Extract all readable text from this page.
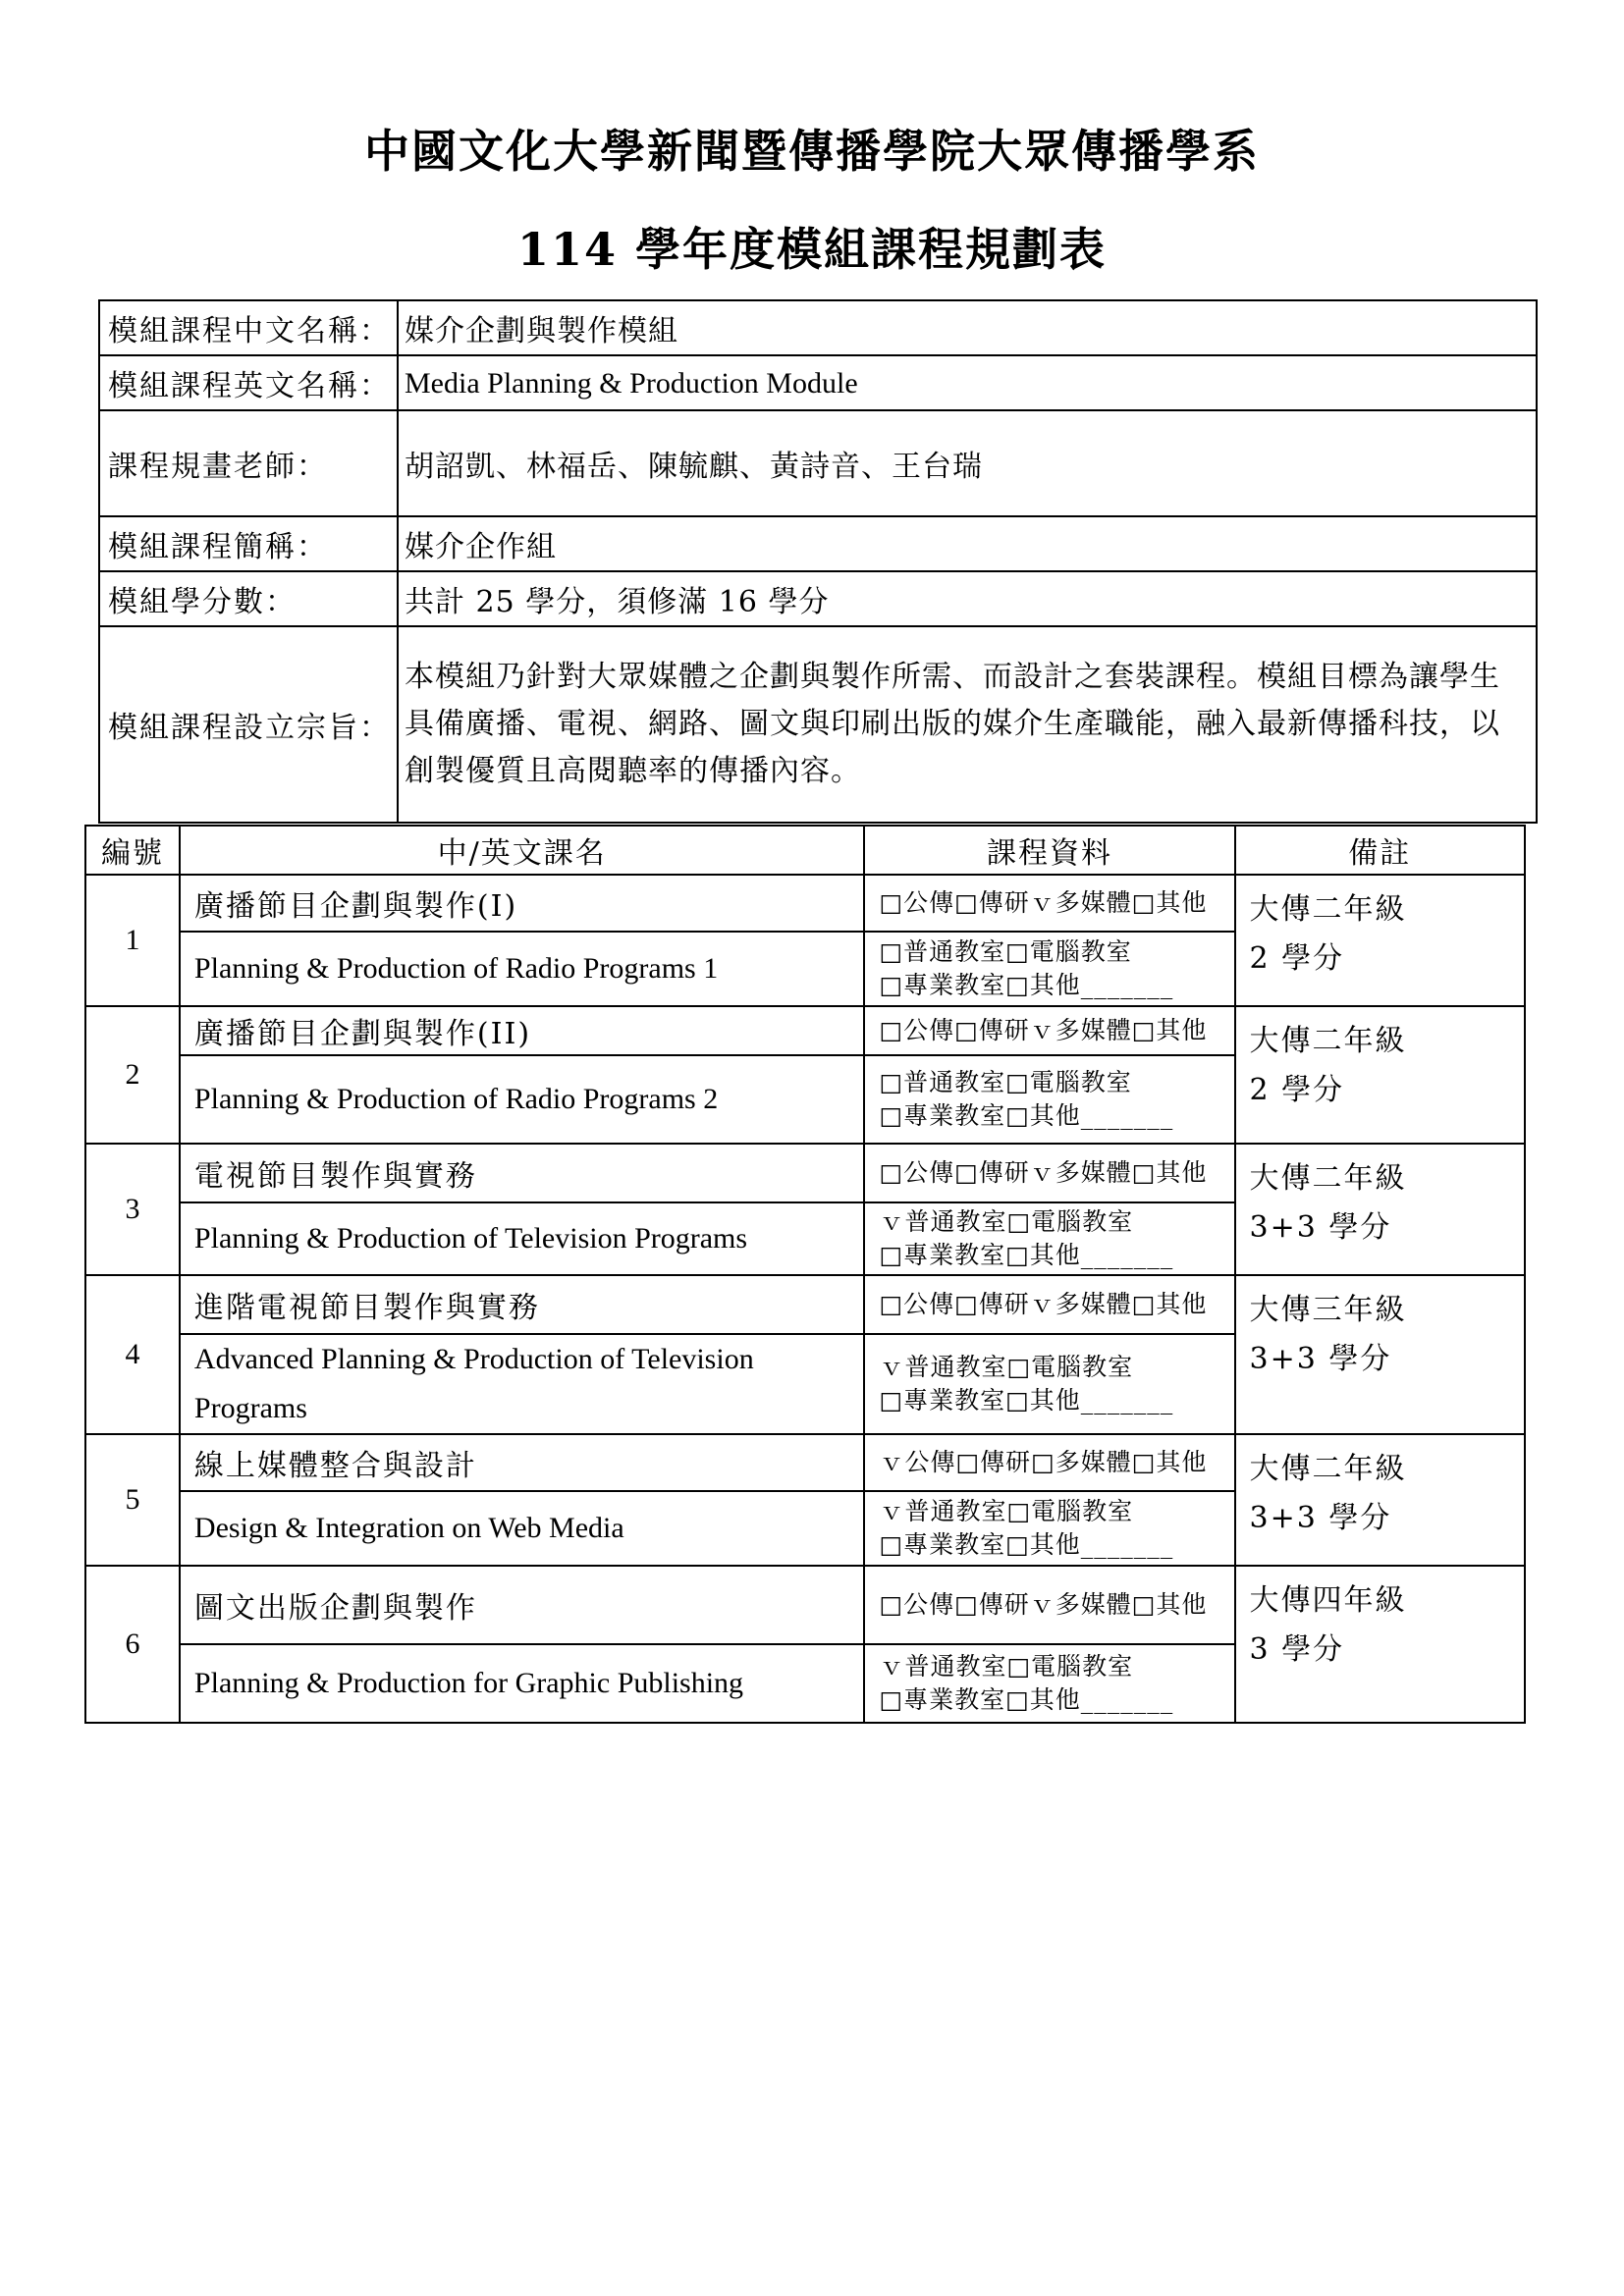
中國文化大學新聞暨傳播學院大眾傳播學系
114 學年度模組課程規劃表
模組課程中文名稱：	媒介企劃與製作模組
模組課程英文名稱：	Media Planning & Production Module
課程規畫老師：	胡詔凱、林福岳、陳毓麒、黃詩音、王台瑞
模組課程簡稱：	媒介企作組
模組學分數：	共計 25 學分，須修滿 16 學分
模組課程設立宗旨：	本模組乃針對大眾媒體之企劃與製作所需、而設計之套裝課程。模組目標為讓學生具備廣播、電視、網路、圖文與印刷出版的媒介生產職能，融入最新傳播科技，以創製優質且高閱聽率的傳播內容。
編號	中/英文課名	課程資料	備註
1	廣播節目企劃與製作(I)	□公傳□傳研ｖ多媒體□其他	大傳二年級
2 學分

	Planning & Production of Radio Programs 1	□普通教室□電腦教室
□專業教室□其他_______	

2	廣播節目企劃與製作(II)	□公傳□傳研ｖ多媒體□其他	大傳二年級
2 學分

	Planning & Production of Radio Programs 2	□普通教室□電腦教室
□專業教室□其他_______	

3	電視節目製作與實務	□公傳□傳研ｖ多媒體□其他	大傳二年級
3+3 學分

	Planning & Production of Television Programs	ｖ普通教室□電腦教室
□專業教室□其他_______	

4	進階電視節目製作與實務	□公傳□傳研ｖ多媒體□其他	大傳三年級
3+3 學分

	Advanced Planning & Production of Television Programs	ｖ普通教室□電腦教室
□專業教室□其他_______	

5	線上媒體整合與設計	ｖ公傳□傳研□多媒體□其他	大傳二年級
3+3 學分

	Design & Integration on Web Media	ｖ普通教室□電腦教室
□專業教室□其他_______	

6	圖文出版企劃與製作	□公傳□傳研ｖ多媒體□其他	大傳四年級
3 學分

	Planning & Production for Graphic Publishing	ｖ普通教室□電腦教室
□專業教室□其他_______	
